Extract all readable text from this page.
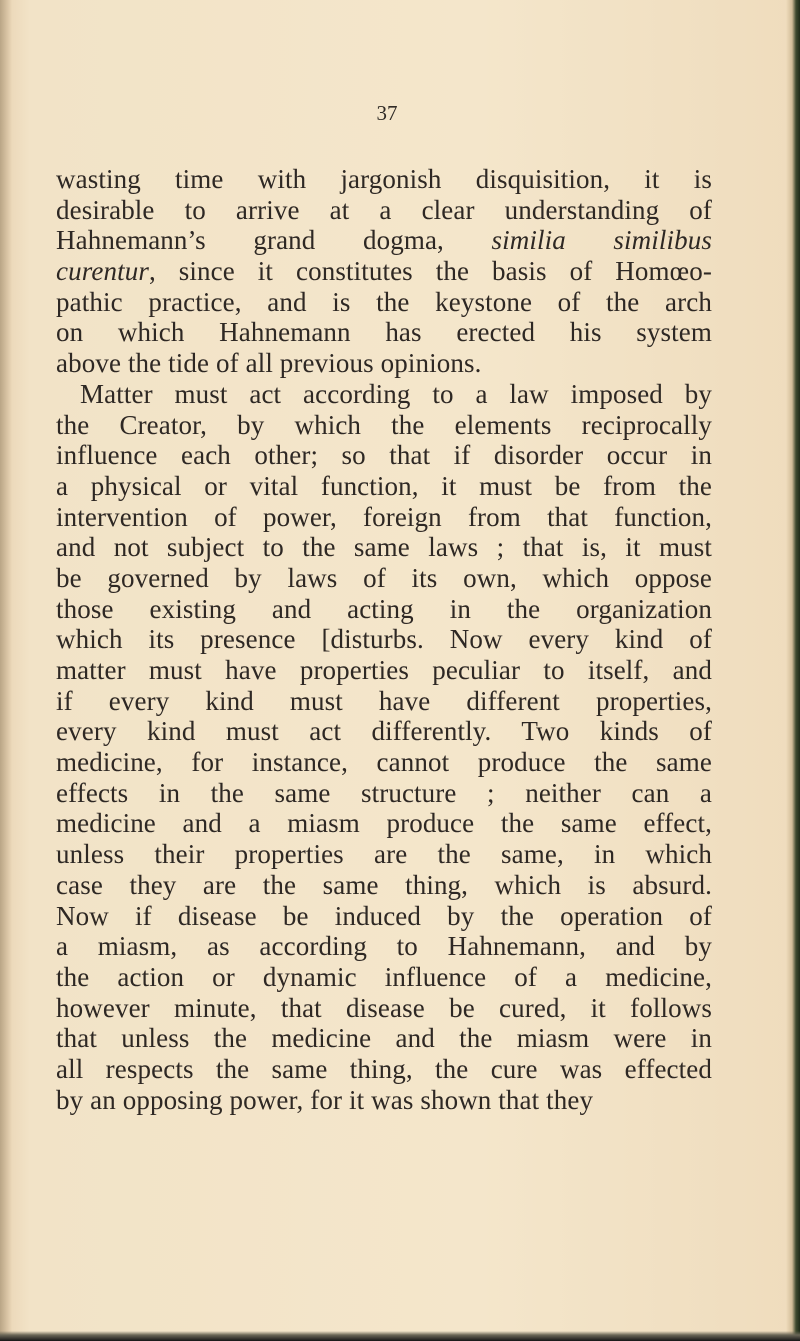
37
wasting time with jargonish disquisition, it is
desirable to arrive at a clear understanding of
Hahnemann’s grand dogma, similia similibus
curentur, since it constitutes the basis of Homœo-
pathic practice, and is the keystone of the arch
on which Hahnemann has erected his system
above the tide of all previous opinions.
Matter must act according to a law imposed by
the Creator, by which the elements reciprocally
influence each other; so that if disorder occur in
a physical or vital function, it must be from the
intervention of power, foreign from that function,
and not subject to the same laws ; that is, it must
be governed by laws of its own, which oppose
those existing and acting in the organization
which its presence [disturbs. Now every kind of
matter must have properties peculiar to itself, and
if every kind must have different properties,
every kind must act differently. Two kinds of
medicine, for instance, cannot produce the same
effects in the same structure ; neither can a
medicine and a miasm produce the same effect,
unless their properties are the same, in which
case they are the same thing, which is absurd.
Now if disease be induced by the operation of
a miasm, as according to Hahnemann, and by
the action or dynamic influence of a medicine,
however minute, that disease be cured, it follows
that unless the medicine and the miasm were in
all respects the same thing, the cure was effected
by an opposing power, for it was shown that they
